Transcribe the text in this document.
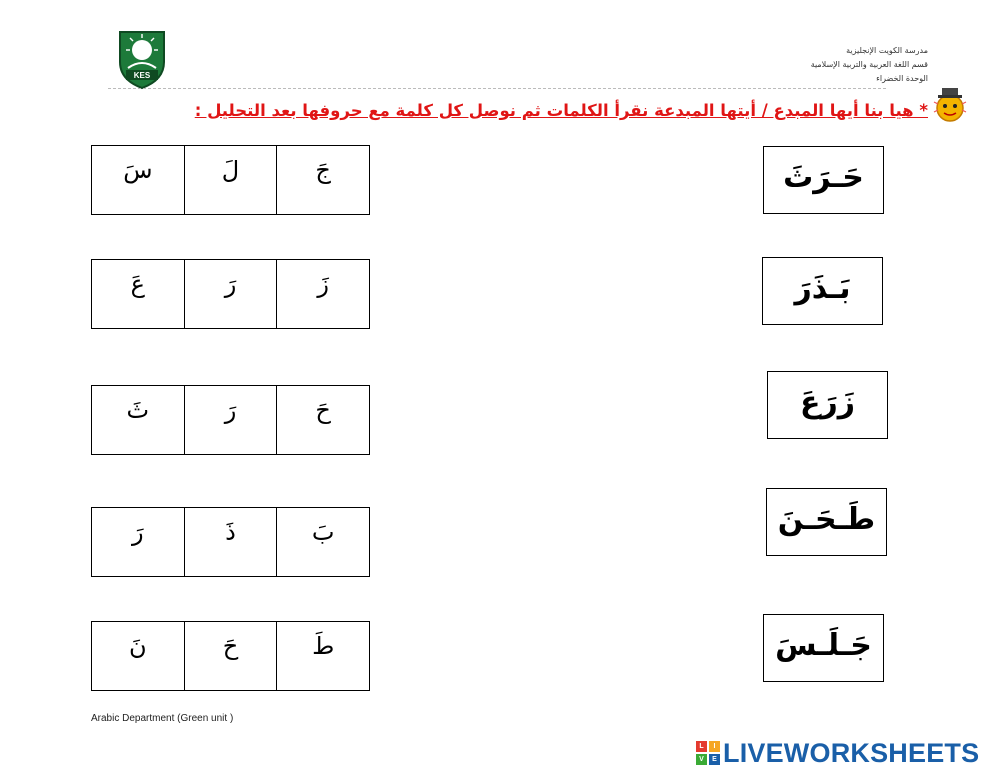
KES
مدرسة الكويت الإنجليزية
قسم اللغة العربية والتربية الإسلامية
الوحدة الخضراء
* هيا بنا أيها المبدع / أيتها المبدعة نقرأ الكلمات ثم نوصل كل كلمة مع حروفها بعد التحليل :
سَ	لَ	جَ
عَ	رَ	زَ
ثَ	رَ	حَ
رَ	ذَ	بَ
نَ	حَ	طَ
حَـرَثَ
بَـذَرَ
زَرَعَ
طَـحَـنَ
جَـلَـسَ
Arabic Department (Green unit )
L	I
V	E LIVEWORKSHEETS
